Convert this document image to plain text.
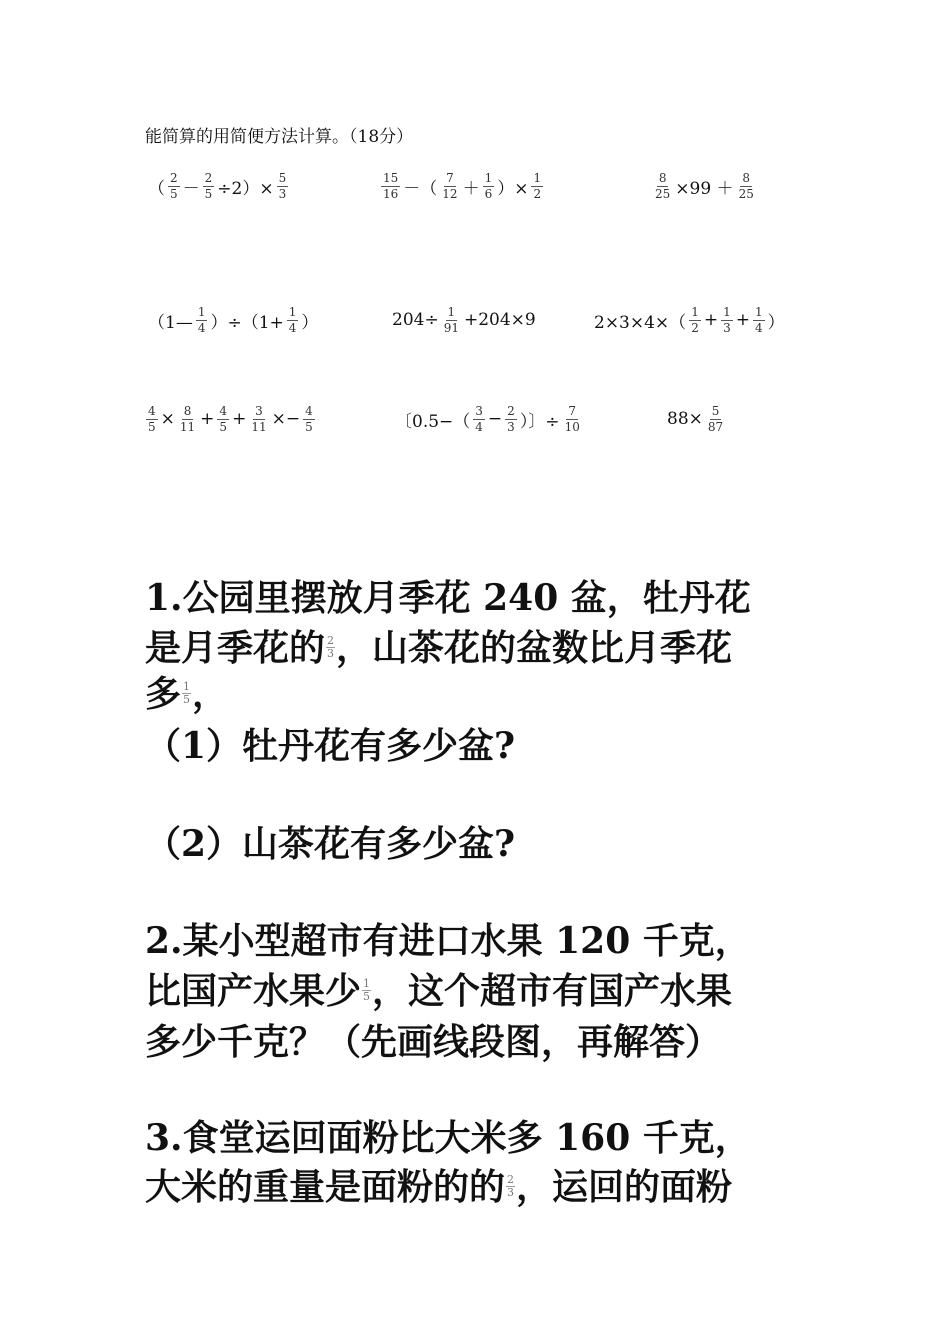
能简算的用简便方法计算。（18分）
（ $\frac{2}{5} - \frac{2}{5} \div 2)\times \frac{5}{3}$	$\frac{15}{16}$ －（ $\frac{7}{12} + \frac{1}{6}$ ）× $\frac{1}{2}$	$\frac{8}{25} \times 99 + \frac{8}{25}$
（1— $\frac{1}{4} )\div(1+ \frac{1}{4}$ ）	$204\div \frac{1}{91} +204\times 9$	$2\times 3\times 4\times( \frac{1}{2} + \frac{1}{3} + \frac{1}{4}$ ）
$\frac{4}{5} \times \frac{8}{11} + \frac{4}{5} + \frac{3}{11} \times- \frac{4}{5}$	〔$0.5-( \frac{3}{4} - \frac{2}{3}$ ）〕÷ $\frac{7}{10}$	$88\times \frac{5}{87}$
1.公园里摆放月季花 240 盆，牡丹花
是月季花的 $\frac{2}{3}$ ，山茶花的盆数比月季花
多 $\frac{1}{5}$ ，
（1）牡丹花有多少盆?
（2）山茶花有多少盆?
2.某小型超市有进口水果 120 千克，
比国产水果少 $\frac{1}{5}$ ，这个超市有国产水果
多少千克？（先画线段图，再解答）
3.食堂运回面粉比大米多 160 千克，
大米的重量是面粉的的 $\frac{2}{3}$ ，运回的面粉
